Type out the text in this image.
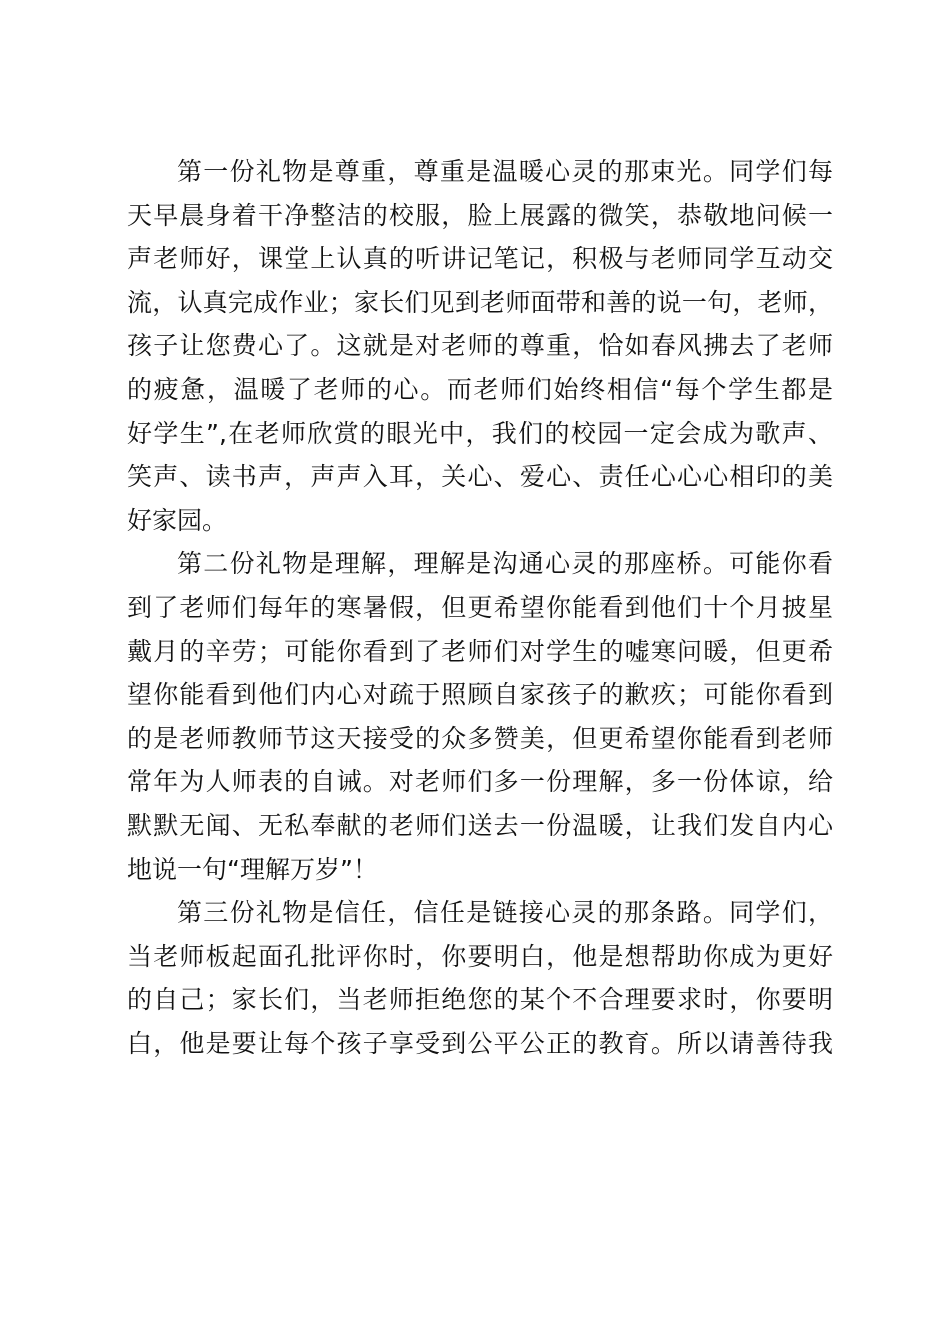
第一份礼物是尊重，尊重是温暖心灵的那束光。同学们每
天早晨身着干净整洁的校服，脸上展露的微笑，恭敬地问候一
声老师好，课堂上认真的听讲记笔记，积极与老师同学互动交
流，认真完成作业；家长们见到老师面带和善的说一句，老师，
孩子让您费心了。这就是对老师的尊重，恰如春风拂去了老师
的疲惫，温暖了老师的心。而老师们始终相信“每个学生都是
好学生”,在老师欣赏的眼光中，我们的校园一定会成为歌声、
笑声、读书声，声声入耳，关心、爱心、责任心心心相印的美
好家园。
第二份礼物是理解，理解是沟通心灵的那座桥。可能你看
到了老师们每年的寒暑假，但更希望你能看到他们十个月披星
戴月的辛劳；可能你看到了老师们对学生的嘘寒问暖，但更希
望你能看到他们内心对疏于照顾自家孩子的歉疚；可能你看到
的是老师教师节这天接受的众多赞美，但更希望你能看到老师
常年为人师表的自诫。对老师们多一份理解，多一份体谅，给
默默无闻、无私奉献的老师们送去一份温暖，让我们发自内心
地说一句“理解万岁”！
第三份礼物是信任，信任是链接心灵的那条路。同学们，
当老师板起面孔批评你时，你要明白，他是想帮助你成为更好
的自己；家长们，当老师拒绝您的某个不合理要求时，你要明
白，他是要让每个孩子享受到公平公正的教育。所以请善待我
